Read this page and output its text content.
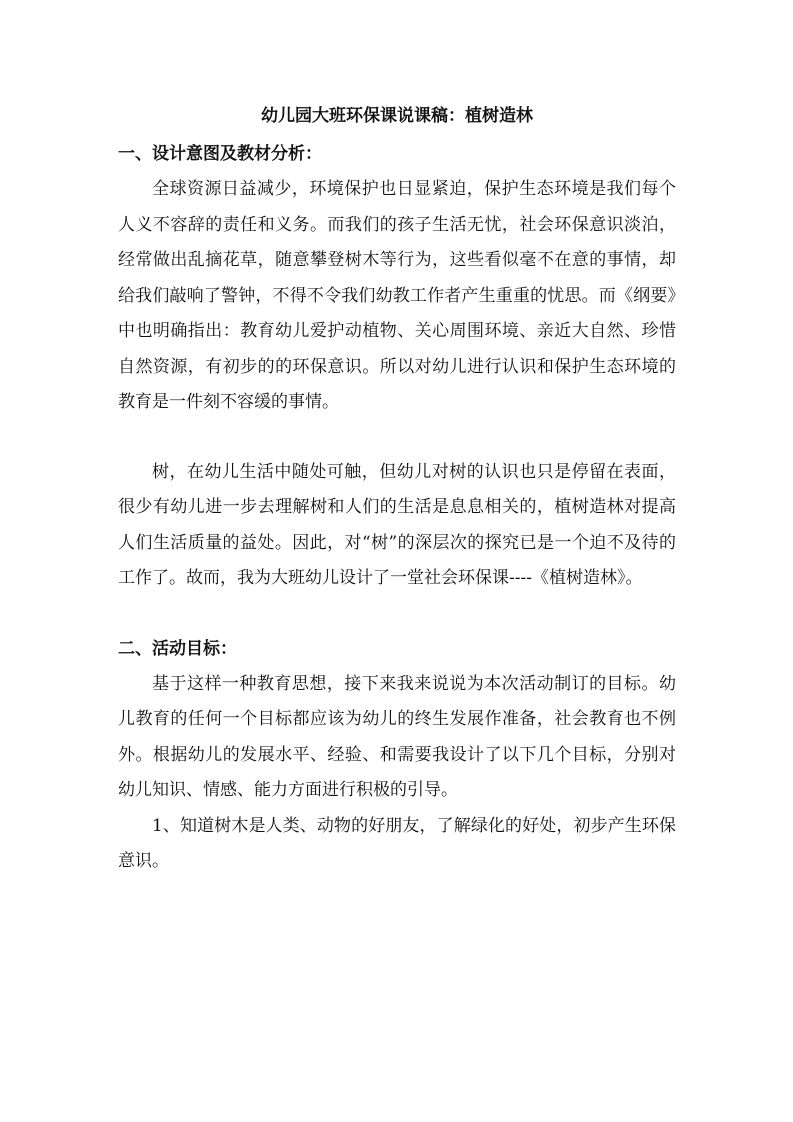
幼儿园大班环保课说课稿：植树造林

一、设计意图及教材分析：

全球资源日益减少，环境保护也日显紧迫，保护生态环境是我们每个人义不容辞的责任和义务。而我们的孩子生活无忧，社会环保意识淡泊，经常做出乱摘花草，随意攀登树木等行为，这些看似毫不在意的事情，却给我们敲响了警钟，不得不令我们幼教工作者产生重重的忧思。而《纲要》中也明确指出：教育幼儿爱护动植物、关心周围环境、亲近大自然、珍惜自然资源，有初步的的环保意识。所以对幼儿进行认识和保护生态环境的教育是一件刻不容缓的事情。

树，在幼儿生活中随处可触，但幼儿对树的认识也只是停留在表面，很少有幼儿进一步去理解树和人们的生活是息息相关的，植树造林对提高人们生活质量的益处。因此，对“树”的深层次的探究已是一个迫不及待的工作了。故而，我为大班幼儿设计了一堂社会环保课----《植树造林》。

二、活动目标：

基于这样一种教育思想，接下来我来说说为本次活动制订的目标。幼儿教育的任何一个目标都应该为幼儿的终生发展作准备，社会教育也不例外。根据幼儿的发展水平、经验、和需要我设计了以下几个目标，分别对幼儿知识、情感、能力方面进行积极的引导。

1、知道树木是人类、动物的好朋友，了解绿化的好处，初步产生环保意识。
